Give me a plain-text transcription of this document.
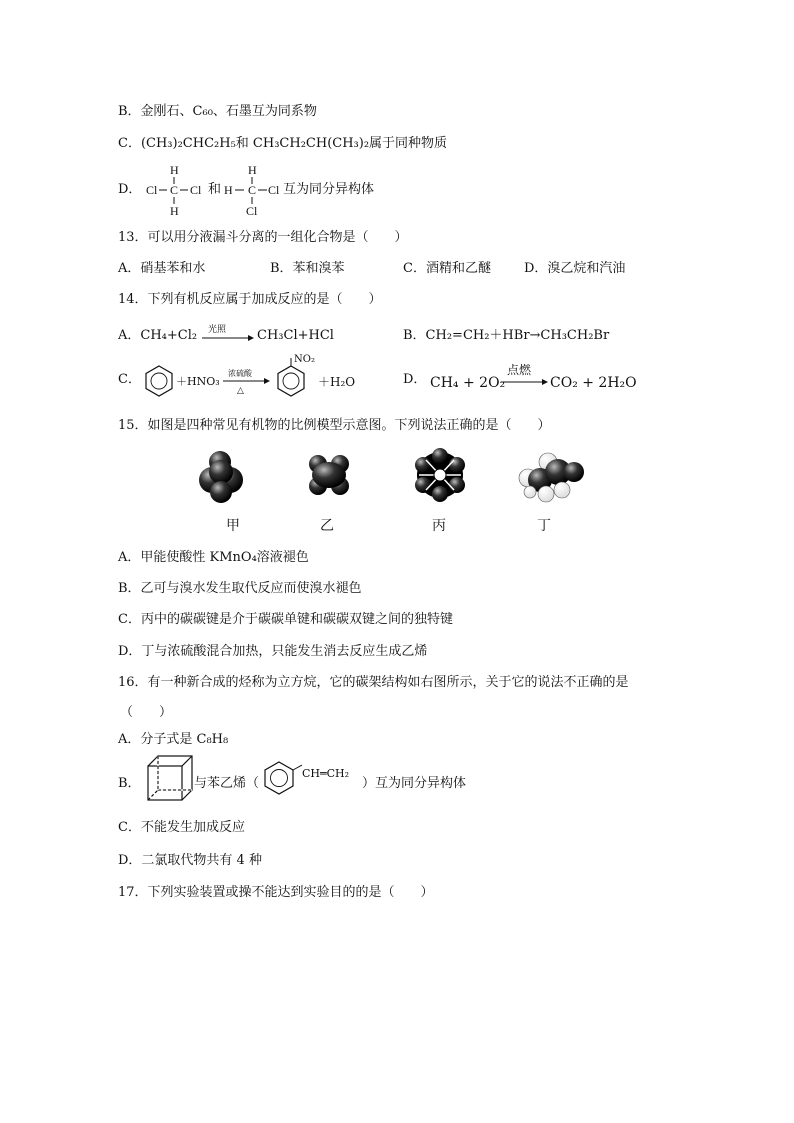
B．金刚石、C₆₀、石墨互为同系物
C．(CH₃)₂CHC₂H₅和 CH₃CH₂CH(CH₃)₂属于同种物质
D．
H
Cl C Cl
H
H
H C Cl
Cl
和	互为同分异构体
13．可以用分液漏斗分离的一组化合物是（　　）
A．硝基苯和水	B．苯和溴苯	C．酒精和乙醚	D．溴乙烷和汽油
14．下列有机反应属于加成反应的是（　　）
A．CH₄+Cl₂ 光照 CH₃Cl+HCl	B．CH₂=CH₂＋HBr→CH₃CH₂Br
C．	＋HNO₃
浓硫酸
△
NO₂
＋H₂O	D． CH₄ + 2O₂
点燃
CO₂ + 2H₂O
15．如图是四种常见有机物的比例模型示意图。下列说法正确的是（　　）
甲	乙	丙	丁
A．甲能使酸性 KMnO₄溶液褪色
B．乙可与溴水发生取代反应而使溴水褪色
C．丙中的碳碳键是介于碳碳单键和碳碳双键之间的独特键
D．丁与浓硫酸混合加热，只能发生消去反应生成乙烯
16．有一种新合成的烃称为立方烷，它的碳架结构如右图所示，关于它的说法不正确的是
（　　）
A．分子式是 C₈H₈
B．	与苯乙烯（
CH═CH₂
）互为同分异构体
C．不能发生加成反应
D．二氯取代物共有 4 种
17．下列实验装置或操不能达到实验目的的是（　　）
